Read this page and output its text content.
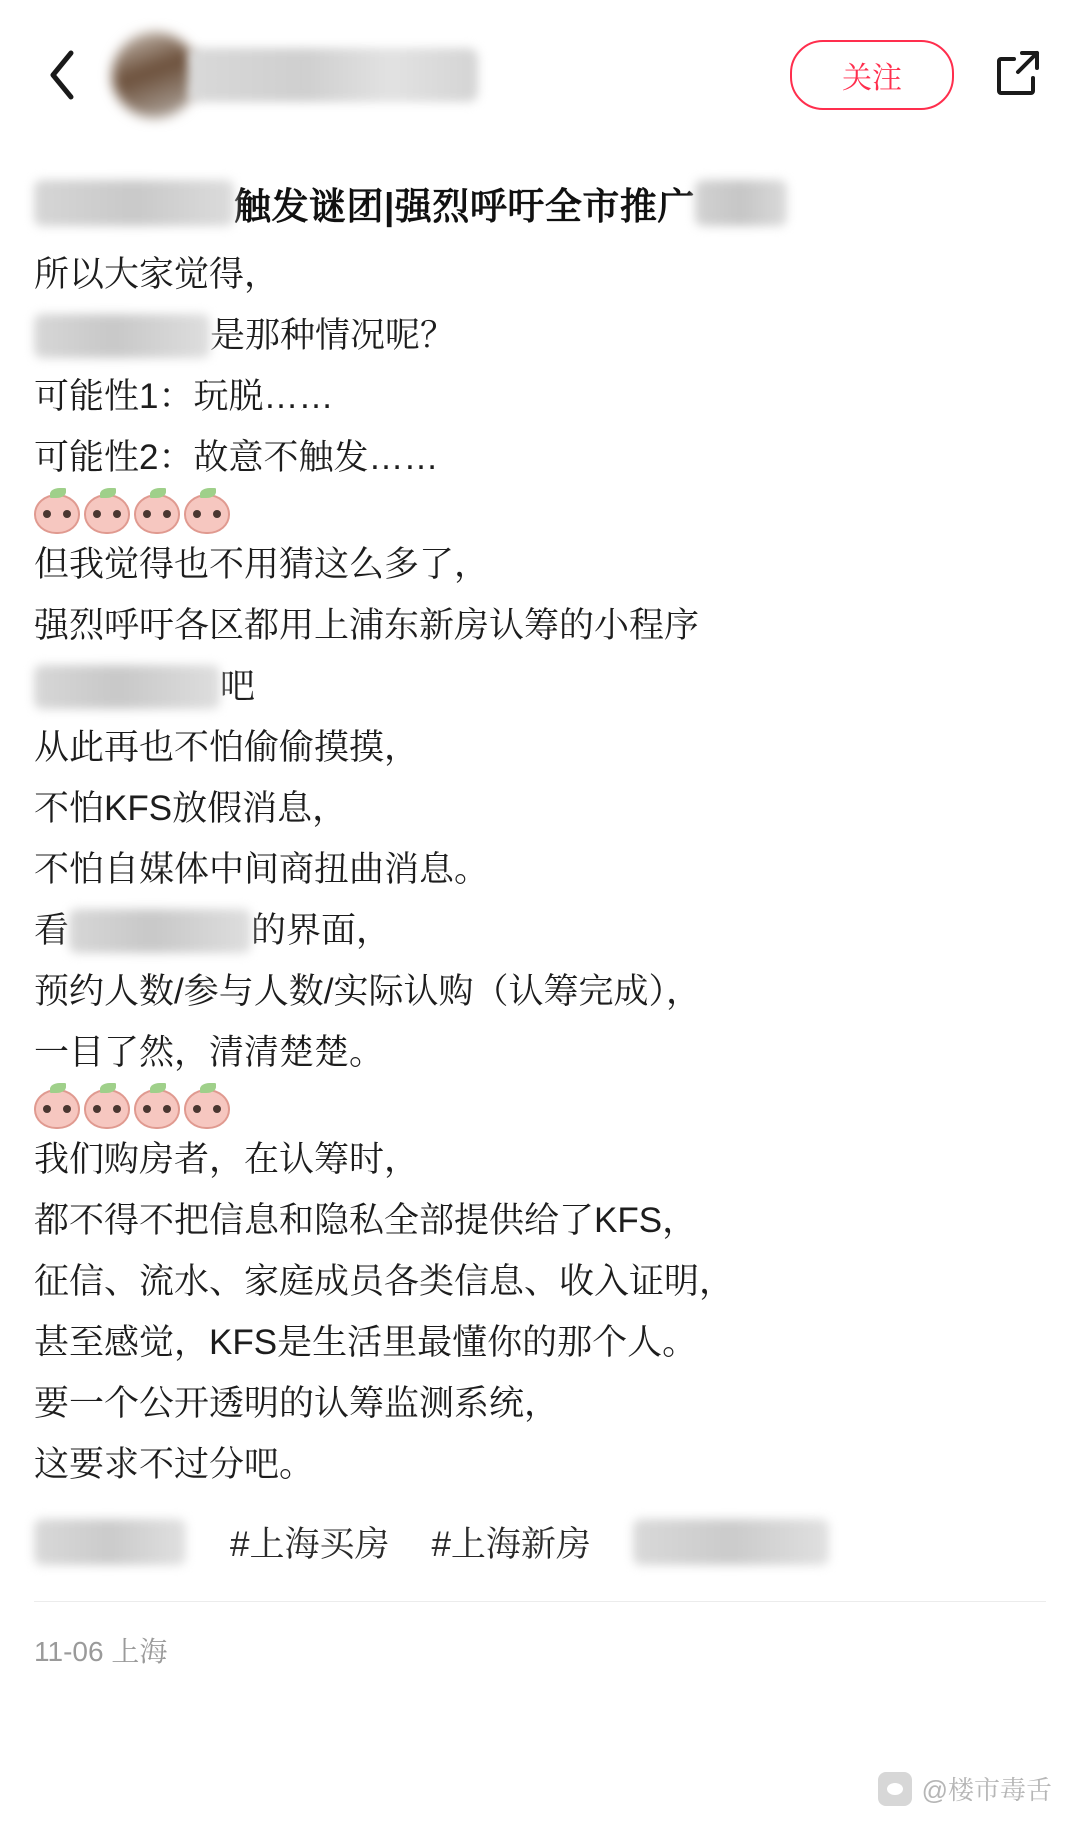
关注
触发谜团|强烈呼吁全市推广
所以大家觉得，
是那种情况呢？
可能性1：玩脱……
可能性2：故意不触发……
但我觉得也不用猜这么多了，
强烈呼吁各区都用上浦东新房认筹的小程序
吧
从此再也不怕偷偷摸摸，
不怕KFS放假消息，
不怕自媒体中间商扭曲消息。
看	的界面，
预约人数/参与人数/实际认购（认筹完成），
一目了然，清清楚楚。
我们购房者，在认筹时，
都不得不把信息和隐私全部提供给了KFS，
征信、流水、家庭成员各类信息、收入证明，
甚至感觉，KFS是生活里最懂你的那个人。
要一个公开透明的认筹监测系统，
这要求不过分吧。
#上海买房 #上海新房
11-06 上海
@楼市毒舌
